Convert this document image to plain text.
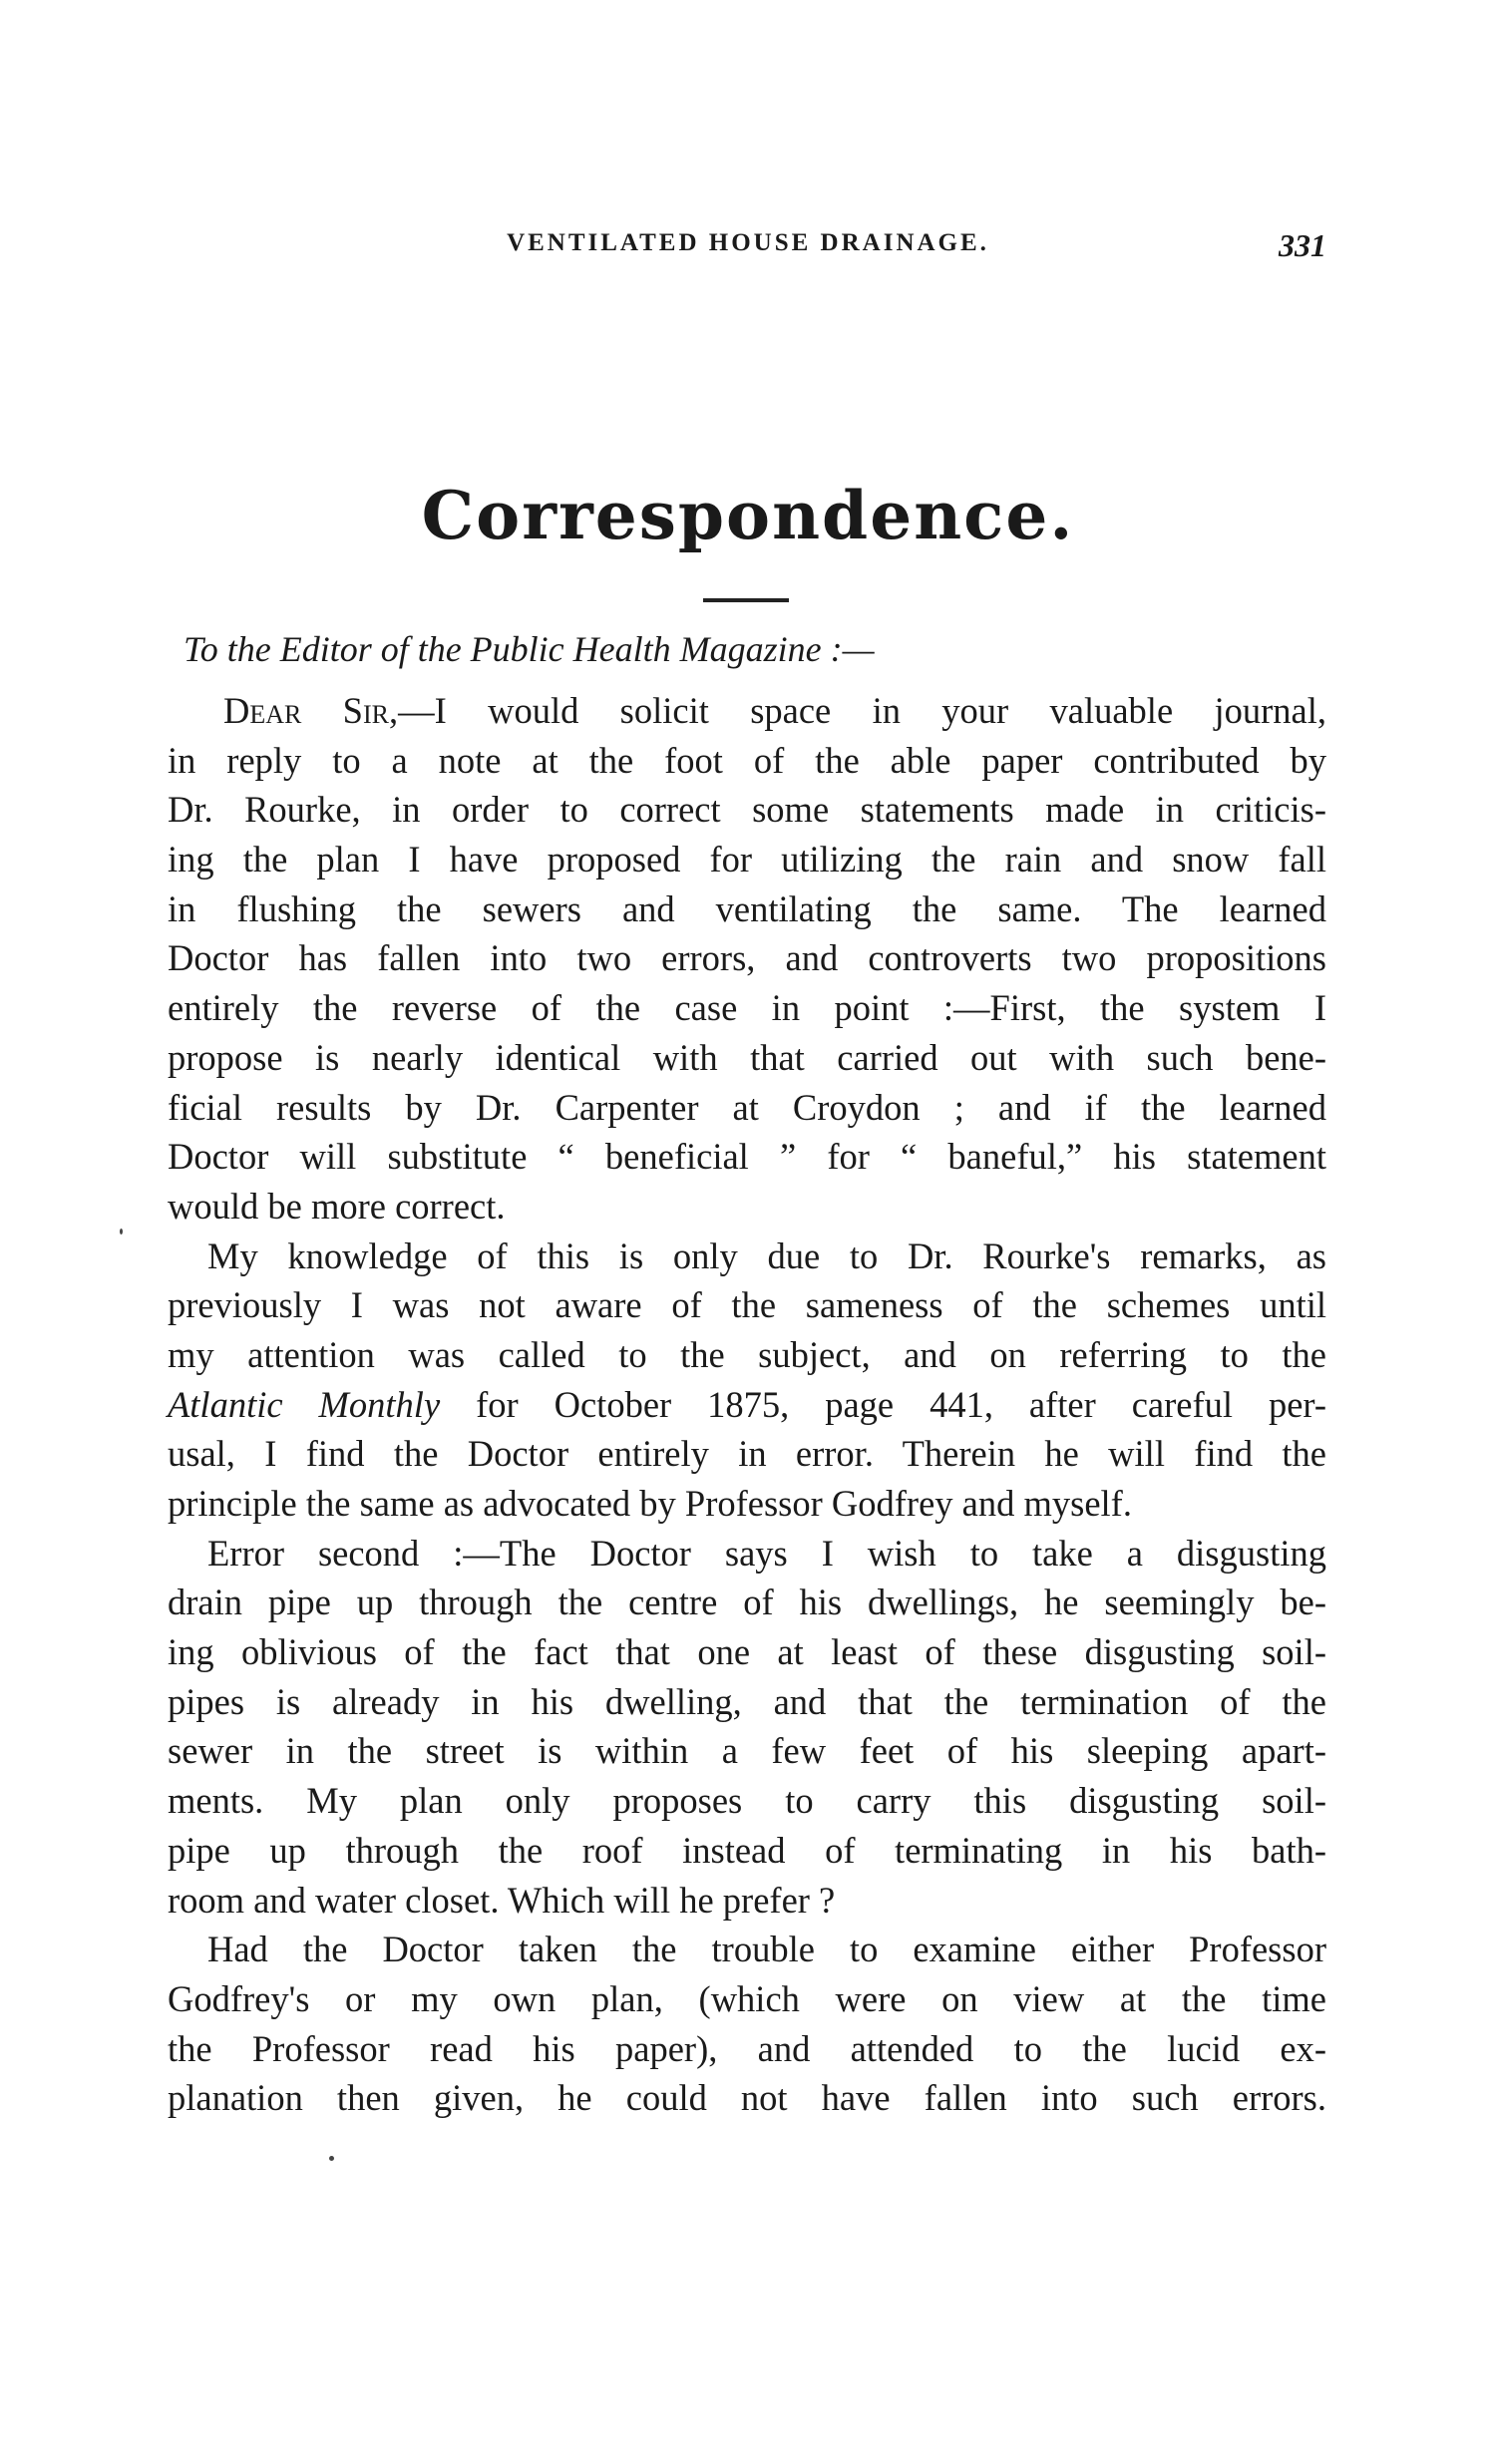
VENTILATED HOUSE DRAINAGE.	331
Correspondence.
To the Editor of the Public Health Magazine :—
Dear Sir,—I would solicit space in your valuable journal,
in reply to a note at the foot of the able paper contributed by
Dr. Rourke, in order to correct some statements made in criticis-
ing the plan I have proposed for utilizing the rain and snow fall
in flushing the sewers and ventilating the same. The learned
Doctor has fallen into two errors, and controverts two propositions
entirely the reverse of the case in point :—First, the system I
propose is nearly identical with that carried out with such bene-
ficial results by Dr. Carpenter at Croydon ; and if the learned
Doctor will substitute “ beneficial ” for “ baneful,” his statement
would be more correct.
My knowledge of this is only due to Dr. Rourke's remarks, as
previously I was not aware of the sameness of the schemes until
my attention was called to the subject, and on referring to the
Atlantic Monthly for October 1875, page 441, after careful per-
usal, I find the Doctor entirely in error. Therein he will find the
principle the same as advocated by Professor Godfrey and myself.
Error second :—The Doctor says I wish to take a disgusting
drain pipe up through the centre of his dwellings, he seemingly be-
ing oblivious of the fact that one at least of these disgusting soil-
pipes is already in his dwelling, and that the termination of the
sewer in the street is within a few feet of his sleeping apart-
ments. My plan only proposes to carry this disgusting soil-
pipe up through the roof instead of terminating in his bath-
room and water closet. Which will he prefer ?
Had the Doctor taken the trouble to examine either Professor
Godfrey's or my own plan, (which were on view at the time
the Professor read his paper), and attended to the lucid ex-
planation then given, he could not have fallen into such errors.
